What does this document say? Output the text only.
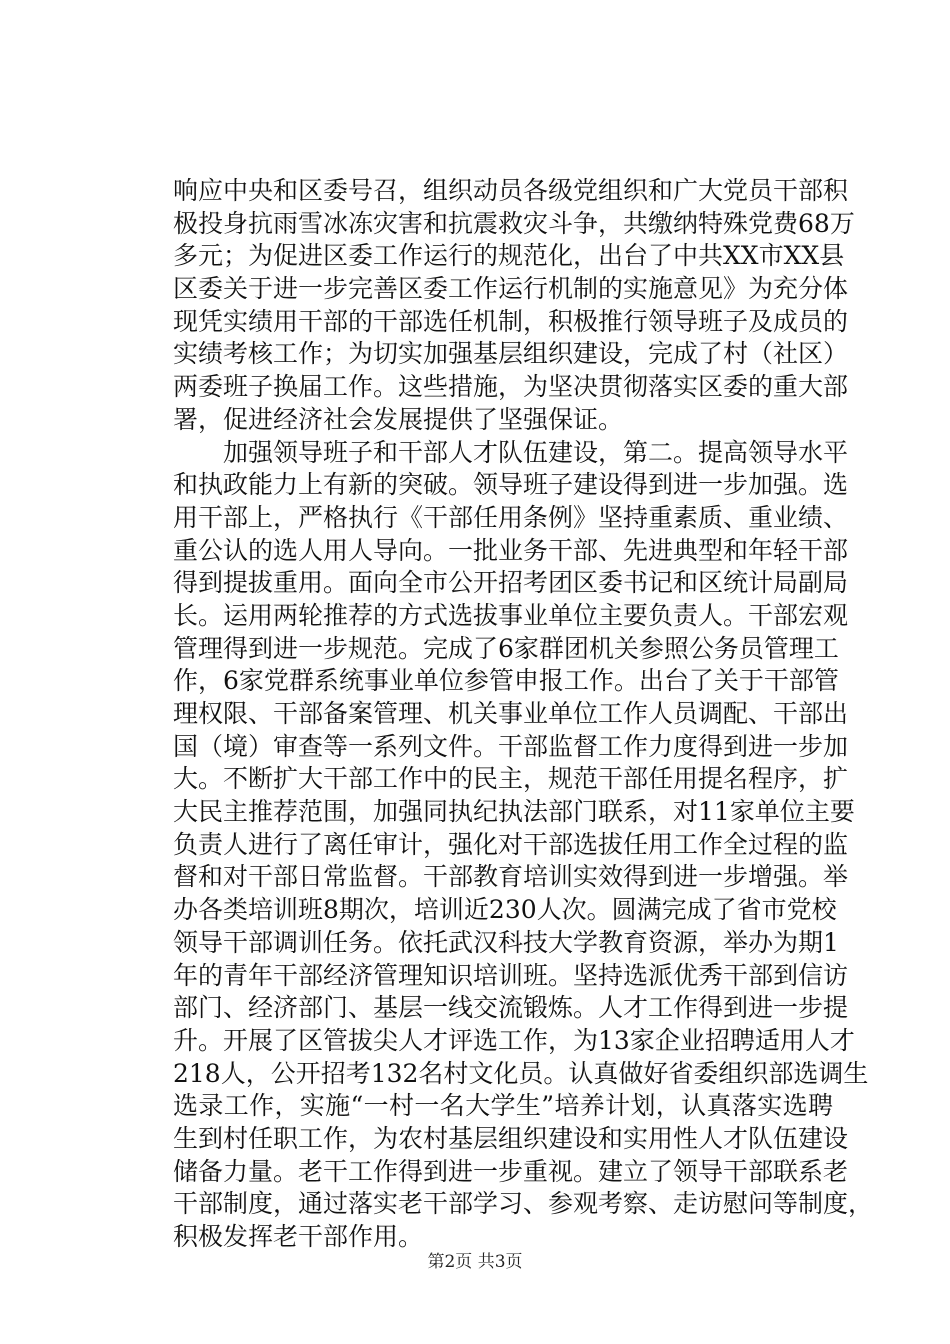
响应中央和区委号召，组织动员各级党组织和广大党员干部积
极投身抗雨雪冰冻灾害和抗震救灾斗争，共缴纳特殊党费68万
多元；为促进区委工作运行的规范化，出台了中共XX市XX县
区委关于进一步完善区委工作运行机制的实施意见》为充分体
现凭实绩用干部的干部选任机制，积极推行领导班子及成员的
实绩考核工作；为切实加强基层组织建设，完成了村（社区）
两委班子换届工作。这些措施，为坚决贯彻落实区委的重大部
署，促进经济社会发展提供了坚强保证。
　　加强领导班子和干部人才队伍建设，第二。提高领导水平
和执政能力上有新的突破。领导班子建设得到进一步加强。选
用干部上，严格执行《干部任用条例》坚持重素质、重业绩、
重公认的选人用人导向。一批业务干部、先进典型和年轻干部
得到提拔重用。面向全市公开招考团区委书记和区统计局副局
长。运用两轮推荐的方式选拔事业单位主要负责人。干部宏观
管理得到进一步规范。完成了6家群团机关参照公务员管理工
作，6家党群系统事业单位参管申报工作。出台了关于干部管
理权限、干部备案管理、机关事业单位工作人员调配、干部出
国（境）审查等一系列文件。干部监督工作力度得到进一步加
大。不断扩大干部工作中的民主，规范干部任用提名程序，扩
大民主推荐范围，加强同执纪执法部门联系，对11家单位主要
负责人进行了离任审计，强化对干部选拔任用工作全过程的监
督和对干部日常监督。干部教育培训实效得到进一步增强。举
办各类培训班8期次，培训近230人次。圆满完成了省市党校
领导干部调训任务。依托武汉科技大学教育资源，举办为期1
年的青年干部经济管理知识培训班。坚持选派优秀干部到信访
部门、经济部门、基层一线交流锻炼。人才工作得到进一步提
升。开展了区管拔尖人才评选工作，为13家企业招聘适用人才
218人，公开招考132名村文化员。认真做好省委组织部选调生
选录工作，实施“一村一名大学生”培养计划，认真落实选聘
生到村任职工作，为农村基层组织建设和实用性人才队伍建设
储备力量。老干工作得到进一步重视。建立了领导干部联系老
干部制度，通过落实老干部学习、参观考察、走访慰问等制度，
积极发挥老干部作用。
第2页 共3页
